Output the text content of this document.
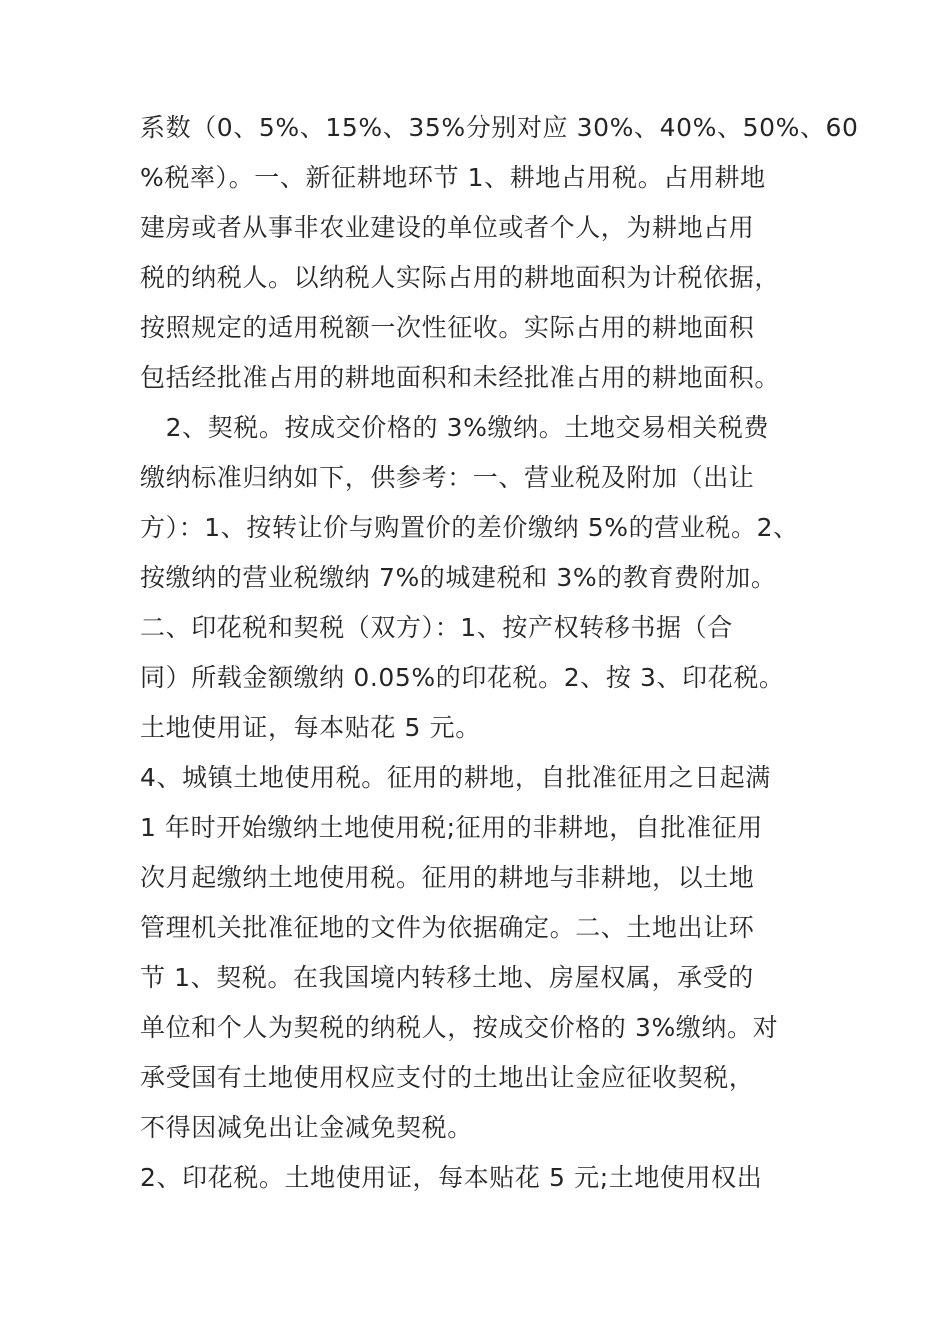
系数（0、5%、15%、35%分别对应 30%、40%、50%、60
%税率）。一、新征耕地环节 1、耕地占用税。占用耕地
建房或者从事非农业建设的单位或者个人，为耕地占用
税的纳税人。以纳税人实际占用的耕地面积为计税依据，
按照规定的适用税额一次性征收。实际占用的耕地面积
包括经批准占用的耕地面积和未经批准占用的耕地面积。
　2、契税。按成交价格的 3%缴纳。土地交易相关税费
缴纳标准归纳如下，供参考：一、营业税及附加（出让
方）：1、按转让价与购置价的差价缴纳 5%的营业税。2、
按缴纳的营业税缴纳 7%的城建税和 3%的教育费附加。
二、印花税和契税（双方）：1、按产权转移书据（合
同）所载金额缴纳 0.05%的印花税。2、按 3、印花税。
土地使用证，每本贴花 5 元。
4、城镇土地使用税。征用的耕地，自批准征用之日起满
1 年时开始缴纳土地使用税;征用的非耕地，自批准征用
次月起缴纳土地使用税。征用的耕地与非耕地，以土地
管理机关批准征地的文件为依据确定。二、土地出让环
节 1、契税。在我国境内转移土地、房屋权属，承受的
单位和个人为契税的纳税人，按成交价格的 3%缴纳。对
承受国有土地使用权应支付的土地出让金应征收契税，
不得因减免出让金减免契税。
2、印花税。土地使用证，每本贴花 5 元;土地使用权出
